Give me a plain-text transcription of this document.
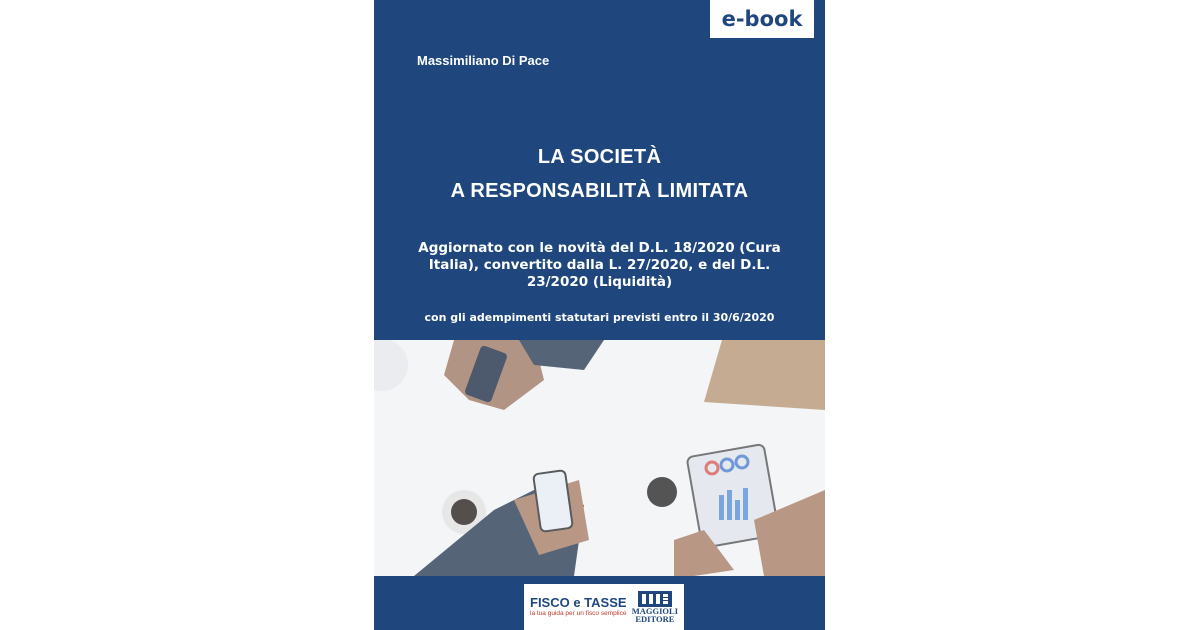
e-book
Massimiliano Di Pace
LA SOCIETÀ
A RESPONSABILITÀ LIMITATA
Aggiornato con le novità del D.L. 18/2020 (Cura Italia), convertito dalla L. 27/2020, e del D.L. 23/2020 (Liquidità)
con gli adempimenti statutari previsti entro il 30/6/2020
FISCO e TASSE
la tua guida per un fisco semplice MAGGIOLI
EDITORE
